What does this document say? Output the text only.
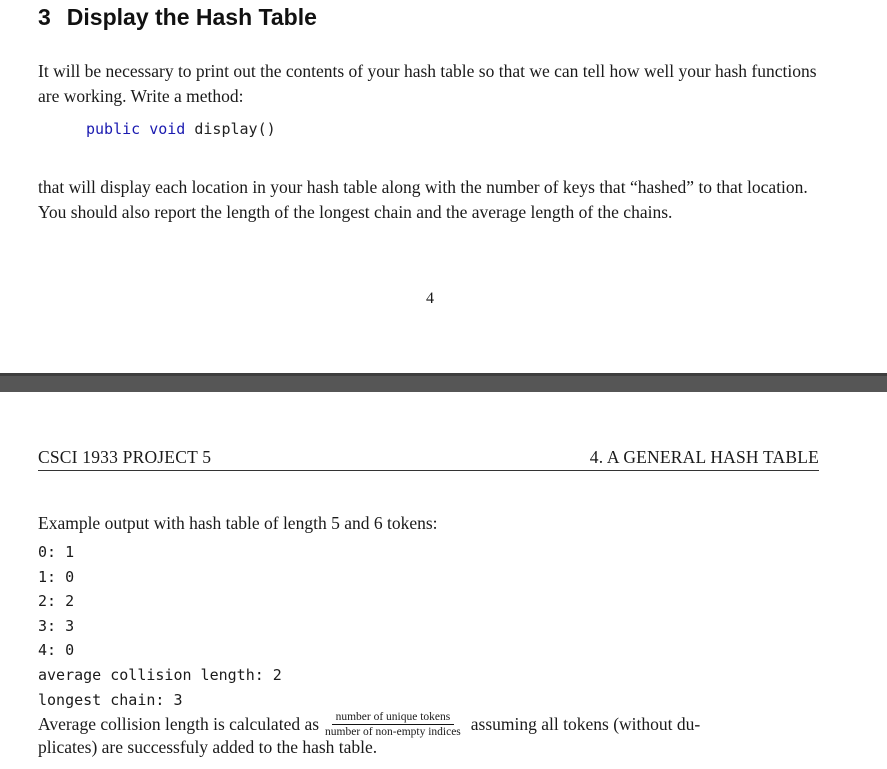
3 Display the Hash Table
It will be necessary to print out the contents of your hash table so that we can tell how well your hash functions are working. Write a method:
public void display()
that will display each location in your hash table along with the number of keys that “hashed” to that location. You should also report the length of the longest chain and the average length of the chains.
4
CSCI 1933 PROJECT 5	4. A GENERAL HASH TABLE
Example output with hash table of length 5 and 6 tokens:
0: 1
1: 0
2: 2
3: 3
4: 0
average collision length: 2
longest chain: 3
Average collision length is calculated as $\frac{\text{number of unique tokens}}{\text{number of non-empty indices}}$ assuming all tokens (without du-
plicates) are successfuly added to the hash table.
